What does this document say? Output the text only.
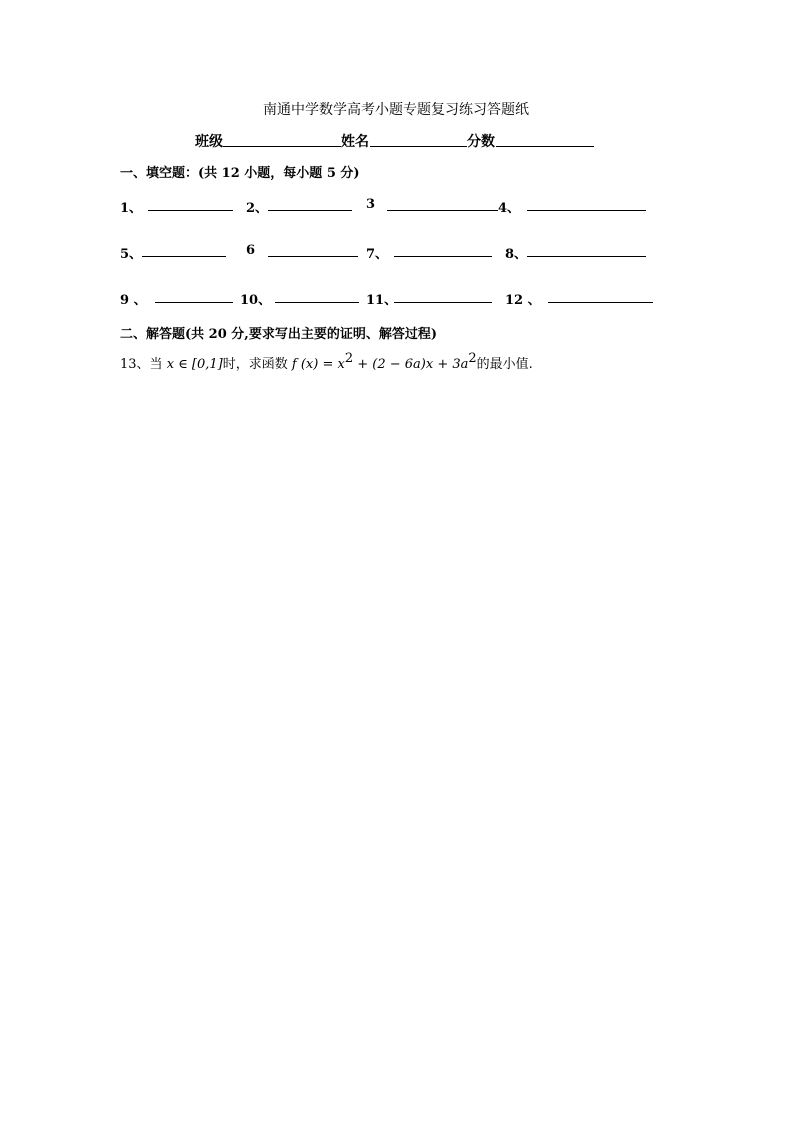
南通中学数学高考小题专题复习练习答题纸
班级	姓名	分数
一、填空题：(共 12 小题，每小题 5 分)
1、	2、	3	4、
5、	6	7、	8、
9 、	10、	11、	12 、
二、解答题(共 20 分,要求写出主要的证明、解答过程)
13、当 x ∈ [0,1]时，求函数 f $(x) = x^2 + (2 - 6a)x + 3a^2$的最小值.
